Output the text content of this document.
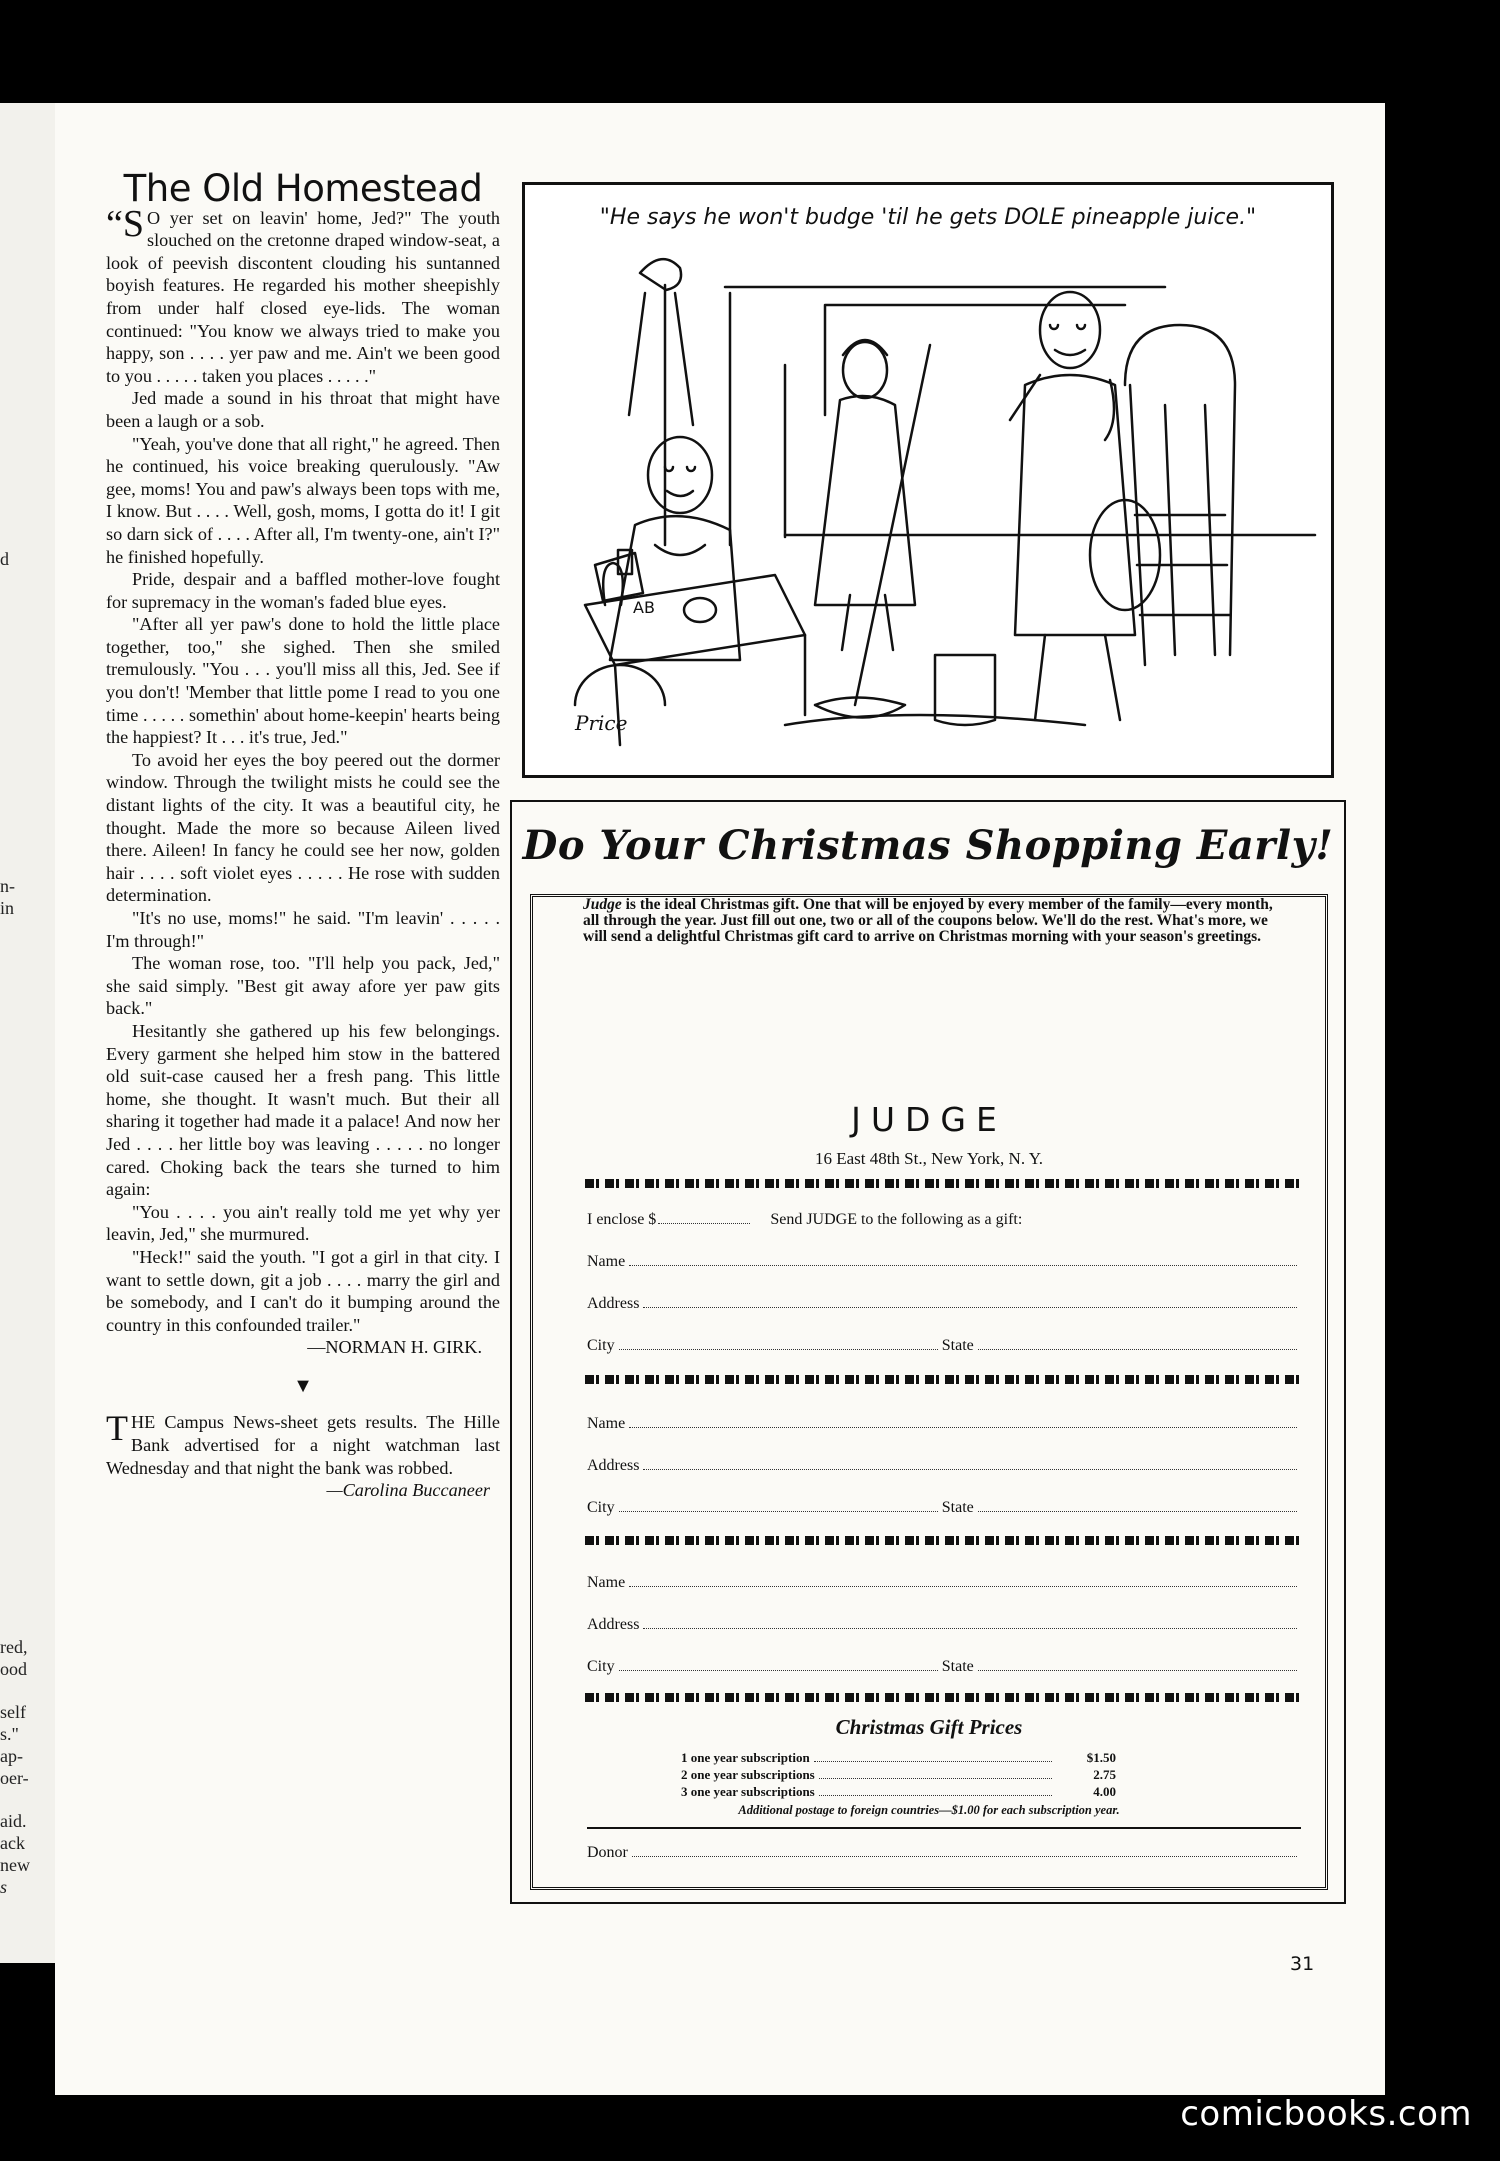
d
n-
in
red,
ood
self
s."
ap-
oer-
aid.
ack
new
s
The Old Homestead

“S O yer set on leavin' home, Jed?" The youth slouched on the cretonne draped window-seat, a look of peevish discontent clouding his suntanned boyish features. He regarded his mother sheepishly from under half closed eye-lids. The woman continued: "You know we always tried to make you happy, son . . . . yer paw and me. Ain't we been good to you . . . . . taken you places . . . . ."

Jed made a sound in his throat that might have been a laugh or a sob.

"Yeah, you've done that all right," he agreed. Then he continued, his voice breaking querulously. "Aw gee, moms! You and paw's always been tops with me, I know. But . . . . Well, gosh, moms, I gotta do it! I git so darn sick of . . . . After all, I'm twenty-one, ain't I?" he finished hopefully.

Pride, despair and a baffled mother-love fought for supremacy in the woman's faded blue eyes.

"After all yer paw's done to hold the little place together, too," she sighed. Then she smiled tremulously. "You . . . you'll miss all this, Jed. See if you don't! 'Member that little pome I read to you one time . . . . . somethin' about home-keepin' hearts being the happiest? It . . . it's true, Jed."

To avoid her eyes the boy peered out the dormer window. Through the twilight mists he could see the distant lights of the city. It was a beautiful city, he thought. Made the more so because Aileen lived there. Aileen! In fancy he could see her now, golden hair . . . . soft violet eyes . . . . . He rose with sudden determination.

"It's no use, moms!" he said. "I'm leavin' . . . . . I'm through!"

The woman rose, too. "I'll help you pack, Jed," she said simply. "Best git away afore yer paw gits back."

Hesitantly she gathered up his few belongings. Every garment she helped him stow in the battered old suit-case caused her a fresh pang. This little home, she thought. It wasn't much. But their all sharing it together had made it a palace! And now her Jed . . . . her little boy was leaving . . . . . no longer cared. Choking back the tears she turned to him again:

"You . . . . you ain't really told me yet why yer leavin, Jed," she murmured.

"Heck!" said the youth. "I got a girl in that city. I want to settle down, git a job . . . . marry the girl and be somebody, and I can't do it bumping around the country in this confounded trailer."

—NORMAN H. GIRK.

▼

THE Campus News-sheet gets results. The Hille Bank advertised for a night watchman last Wednesday and that night the bank was robbed.

—Carolina Buccaneer

"He says he won't budge 'til he gets DOLE pineapple juice."
AB
Price
Do Your Christmas Shopping Early!
Judge is the ideal Christmas gift. One that will be enjoyed by every member of the family—every month, all through the year. Just fill out one, two or all of the coupons below. We'll do the rest. What's more, we will send a delightful Christmas gift card to arrive on Christmas morning with your season's greetings.
JUDGE
16 East 48th St., New York, N. Y.
I enclose $	Send JUDGE to the following as a gift:
Name
Address
City	State
Name
Address
City	State
Name
Address
City	State
Christmas Gift Prices
1 one year subscription	$1.50
2 one year subscriptions	2.75
3 one year subscriptions	4.00
Additional postage to foreign countries—$1.00 for each subscription year.
Donor
31
comicbooks.com
